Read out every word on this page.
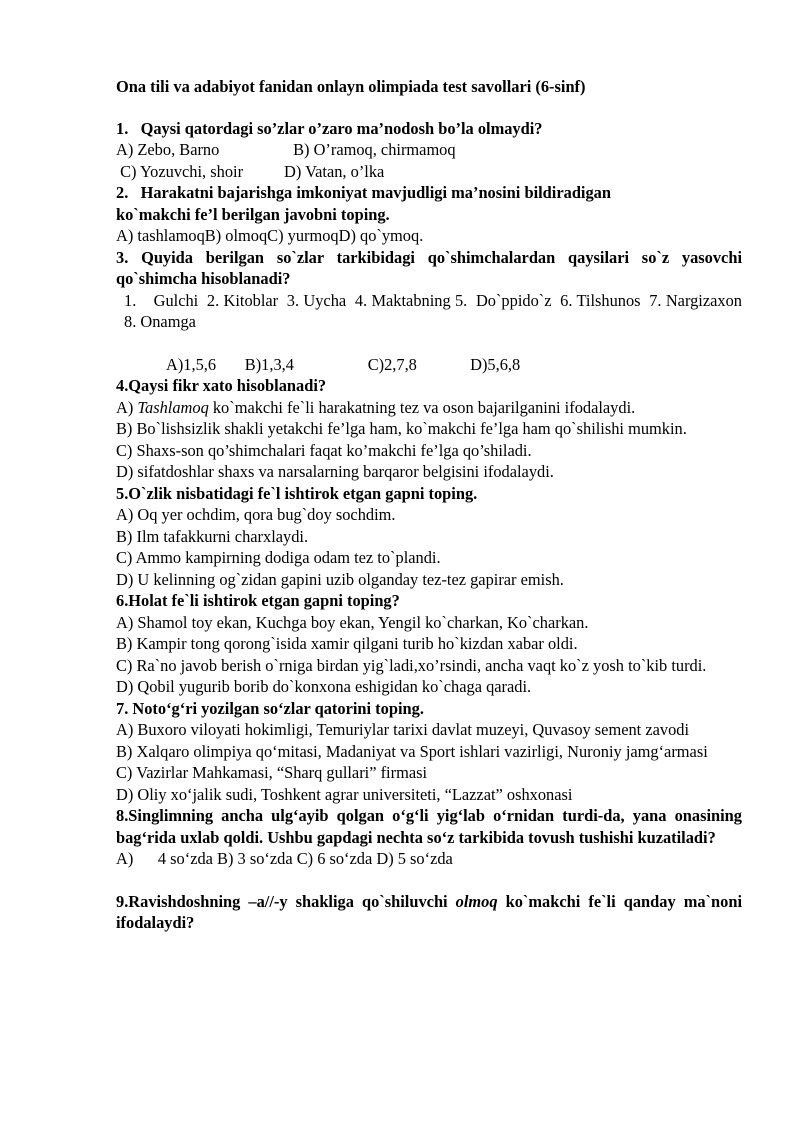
Ona tili va adabiyot fanidan onlayn olimpiada test savollari (6-sinf)
1.   Qaysi qatordagi so’zlar o’zaro ma’nodosh bo’la olmaydi?
A) Zebo, Barno                  B) O’ramoq, chirmamoq
C) Yozuvchi, shoir          D) Vatan, o’lka
2.   Harakatni bajarishga imkoniyat mavjudligi ma’nosini bildiradigan
ko`makchi fe’l berilgan javobni toping.
A) tashlamoqB) olmoqC) yurmoqD) qo`ymoq.
3. Quyida berilgan so`zlar tarkibidagi qo`shimchalardan qaysilari so`z yasovchi qo`shimcha hisoblanadi?
1.    Gulchi  2. Kitoblar  3. Uycha  4. Maktabning 5.  Do`ppido`z  6. Tilshunos  7. Nargizaxon  8. Onamga
A)1,5,6       B)1,3,4                  C)2,7,8             D)5,6,8
4.Qaysi fikr xato hisoblanadi?
A) Tashlamoq ko`makchi fe`li harakatning tez va oson bajarilganini ifodalaydi.
B) Bo`lishsizlik shakli yetakchi fe’lga ham, ko`makchi fe’lga ham qo`shilishi mumkin.
C) Shaxs-son qo’shimchalari faqat ko’makchi fe’lga qo’shiladi.
D) sifatdoshlar shaxs va narsalarning barqaror belgisini ifodalaydi.
5.O`zlik nisbatidagi fe`l ishtirok etgan gapni toping.
A) Oq yer ochdim, qora bug`doy sochdim.
B) Ilm tafakkurni charxlaydi.
C) Ammo kampirning dodiga odam tez to`plandi.
D) U kelinning og`zidan gapini uzib olganday tez-tez gapirar emish.
6.Holat fe`li ishtirok etgan gapni toping?
A) Shamol toy ekan, Kuchga boy ekan, Yengil ko`charkan, Ko`charkan.
B) Kampir tong qorong`isida xamir qilgani turib ho`kizdan xabar oldi.
C) Ra`no javob berish o`rniga birdan yig`ladi,xo’rsindi, ancha vaqt ko`z yosh to`kib turdi.
D) Qobil yugurib borib do`konxona eshigidan ko`chaga qaradi.
7. Noto‘g‘ri yozilgan so‘zlar qatorini toping.
A) Buxoro viloyati hokimligi, Temuriylar tarixi davlat muzeyi, Quvasoy sement zavodi
B) Xalqaro olimpiya qo‘mitasi, Madaniyat va Sport ishlari vazirligi, Nuroniy jamg‘armasi
C) Vazirlar Mahkamasi, “Sharq gullari” firmasi
D) Oliy xo‘jalik sudi, Toshkent agrar universiteti, “Lazzat” oshxonasi
8.Singlimning ancha ulg‘ayib qolgan o‘g‘li yig‘lab o‘rnidan turdi-da, yana onasining bag‘rida uxlab qoldi. Ushbu gapdagi nechta so‘z tarkibida tovush tushishi kuzatiladi?
A)      4 so‘zda B) 3 so‘zda C) 6 so‘zda D) 5 so‘zda
9.Ravishdoshning –a//-y shakliga qo`shiluvchi olmoq ko`makchi fe`li qanday ma`noni ifodalaydi?
